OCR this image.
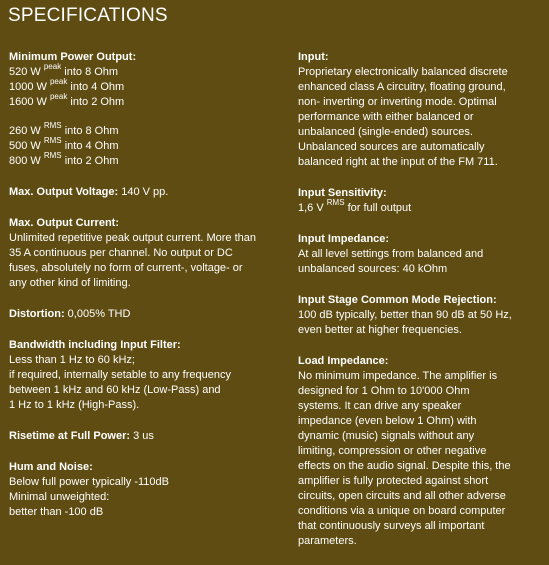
SPECIFICATIONS
Minimum Power Output:
520 W $^{peak}$ into 8 Ohm
1000 W $^{peak}$ into 4 Ohm
1600 W $^{peak}$ into 2 Ohm
260 W $^{RMS}$ into 8 Ohm
500 W $^{RMS}$ into 4 Ohm
800 W $^{RMS}$ into 2 Ohm
Max. Output Voltage: 140 V pp.
Max. Output Current:
Unlimited repetitive peak output current. More than
35 A continuous per channel. No output or DC
fuses, absolutely no form of current-, voltage- or
any other kind of limiting.
Distortion: 0,005% THD
Bandwidth including Input Filter:
Less than 1 Hz to 60 kHz;
if required, internally setable to any frequency
between 1 kHz and 60 kHz (Low-Pass) and
1 Hz to 1 kHz (High-Pass).
Risetime at Full Power: 3 us
Hum and Noise:
Below full power typically -110dB
Minimal unweighted:
better than -100 dB
Input:
Proprietary electronically balanced discrete
enhanced class A circuitry, floating ground,
non- inverting or inverting mode. Optimal
performance with either balanced or
unbalanced (single-ended) sources.
Unbalanced sources are automatically
balanced right at the input of the FM 711.
Input Sensitivity:
1,6 V $^{RMS}$ for full output
Input Impedance:
At all level settings from balanced and
unbalanced sources: 40 kOhm
Input Stage Common Mode Rejection:
100 dB typically, better than 90 dB at 50 Hz,
even better at higher frequencies.
Load Impedance:
No minimum impedance. The amplifier is
designed for 1 Ohm to 10'000 Ohm
systems. It can drive any speaker
impedance (even below 1 Ohm) with
dynamic (music) signals without any
limiting, compression or other negative
effects on the audio signal. Despite this, the
amplifier is fully protected against short
circuits, open circuits and all other adverse
conditions via a unique on board computer
that continuously surveys all important
parameters.
